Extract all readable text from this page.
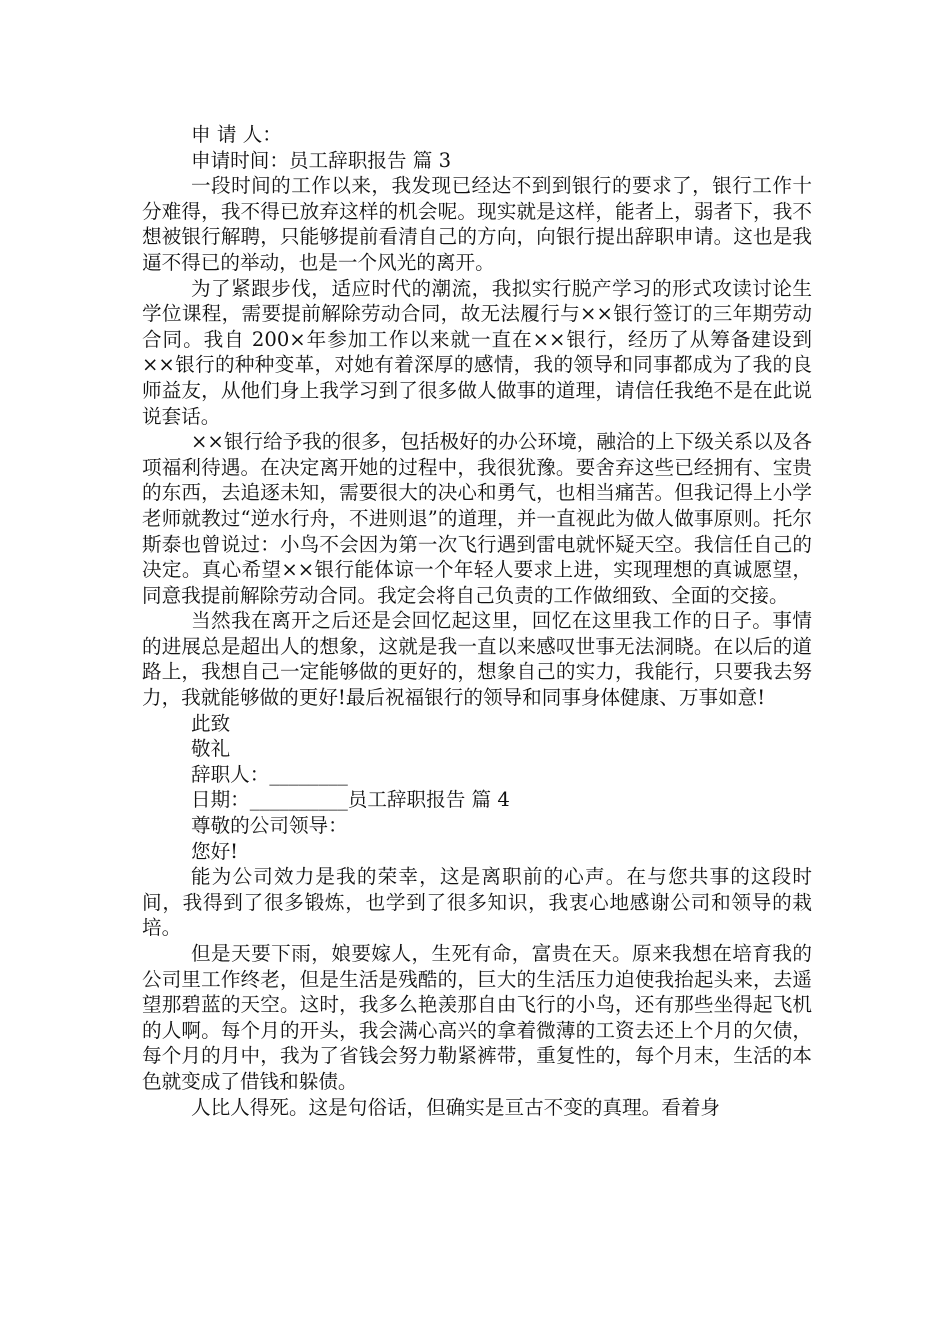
申 请 人：

申请时间：员工辞职报告 篇 3

一段时间的工作以来，我发现已经达不到到银行的要求了，银行工作十分难得，我不得已放弃这样的机会呢。现实就是这样，能者上，弱者下，我不想被银行解聘，只能够提前看清自己的方向，向银行提出辞职申请。这也是我逼不得已的举动，也是一个风光的离开。

为了紧跟步伐，适应时代的潮流，我拟实行脱产学习的形式攻读讨论生学位课程，需要提前解除劳动合同，故无法履行与××银行签订的三年期劳动合同。我自 200×年参加工作以来就一直在××银行，经历了从筹备建设到××银行的种种变革，对她有着深厚的感情，我的领导和同事都成为了我的良师益友，从他们身上我学习到了很多做人做事的道理，请信任我绝不是在此说说套话。

××银行给予我的很多，包括极好的办公环境，融洽的上下级关系以及各项福利待遇。在决定离开她的过程中，我很犹豫。要舍弃这些已经拥有、宝贵的东西，去追逐未知，需要很大的决心和勇气，也相当痛苦。但我记得上小学老师就教过“逆水行舟，不进则退”的道理，并一直视此为做人做事原则。托尔斯泰也曾说过：小鸟不会因为第一次飞行遇到雷电就怀疑天空。我信任自己的决定。真心希望××银行能体谅一个年轻人要求上进，实现理想的真诚愿望，同意我提前解除劳动合同。我定会将自己负责的工作做细致、全面的交接。

当然我在离开之后还是会回忆起这里，回忆在这里我工作的日子。事情的进展总是超出人的想象，这就是我一直以来感叹世事无法洞晓。在以后的道路上，我想自己一定能够做的更好的，想象自己的实力，我能行，只要我去努力，我就能够做的更好!最后祝福银行的领导和同事身体健康、万事如意!

此致

敬礼

辞职人：________

日期：__________员工辞职报告 篇 4

尊敬的公司领导：

您好!

能为公司效力是我的荣幸，这是离职前的心声。在与您共事的这段时间，我得到了很多锻炼，也学到了很多知识，我衷心地感谢公司和领导的栽培。

但是天要下雨，娘要嫁人，生死有命，富贵在天。原来我想在培育我的公司里工作终老，但是生活是残酷的，巨大的生活压力迫使我抬起头来，去遥望那碧蓝的天空。这时，我多么艳羡那自由飞行的小鸟，还有那些坐得起飞机的人啊。每个月的开头，我会满心高兴的拿着微薄的工资去还上个月的欠债，每个月的月中，我为了省钱会努力勒紧裤带，重复性的，每个月末，生活的本色就变成了借钱和躲债。

人比人得死。这是句俗话，但确实是亘古不变的真理。看着身
